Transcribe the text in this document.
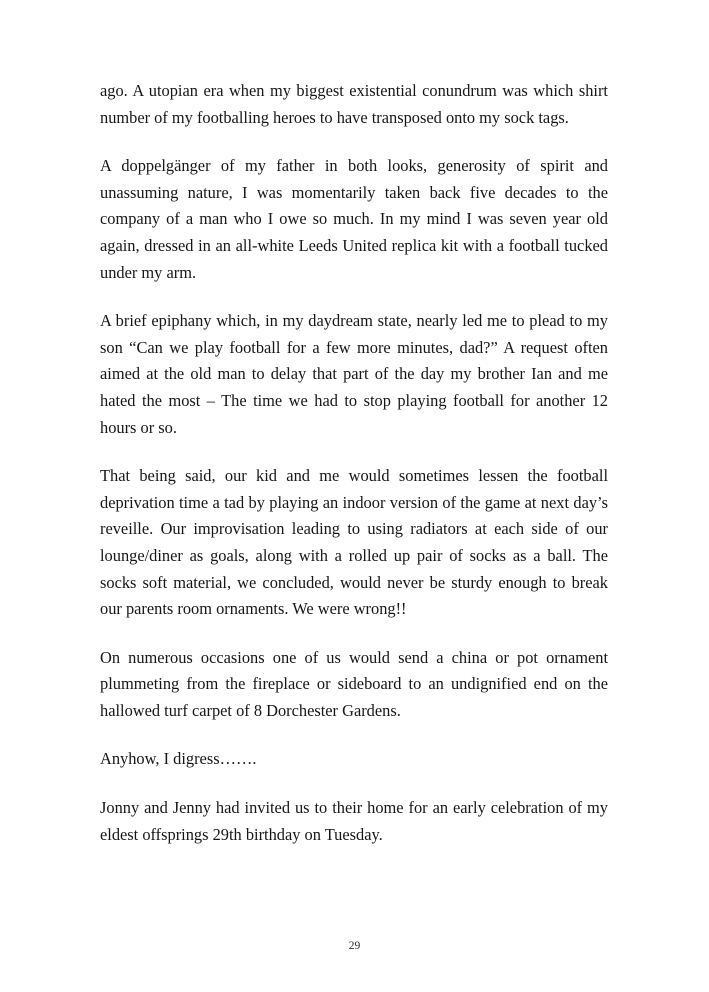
ago. A utopian era when my biggest existential conundrum was which shirt number of my footballing heroes to have transposed onto my sock tags.

A doppelgänger of my father in both looks, generosity of spirit and unassuming nature, I was momentarily taken back five decades to the company of a man who I owe so much. In my mind I was seven year old again, dressed in an all-white Leeds United replica kit with a football tucked under my arm.

A brief epiphany which, in my daydream state, nearly led me to plead to my son “Can we play football for a few more minutes, dad?” A request often aimed at the old man to delay that part of the day my brother Ian and me hated the most – The time we had to stop playing football for another 12 hours or so.

That being said, our kid and me would sometimes lessen the football deprivation time a tad by playing an indoor version of the game at next day’s reveille. Our improvisation leading to using radiators at each side of our lounge/diner as goals, along with a rolled up pair of socks as a ball. The socks soft material, we concluded, would never be sturdy enough to break our parents room ornaments. We were wrong!!

On numerous occasions one of us would send a china or pot ornament plummeting from the fireplace or sideboard to an undignified end on the hallowed turf carpet of 8 Dorchester Gardens.

Anyhow, I digress…….

Jonny and Jenny had invited us to their home for an early celebration of my eldest offsprings 29th birthday on Tuesday.

29
